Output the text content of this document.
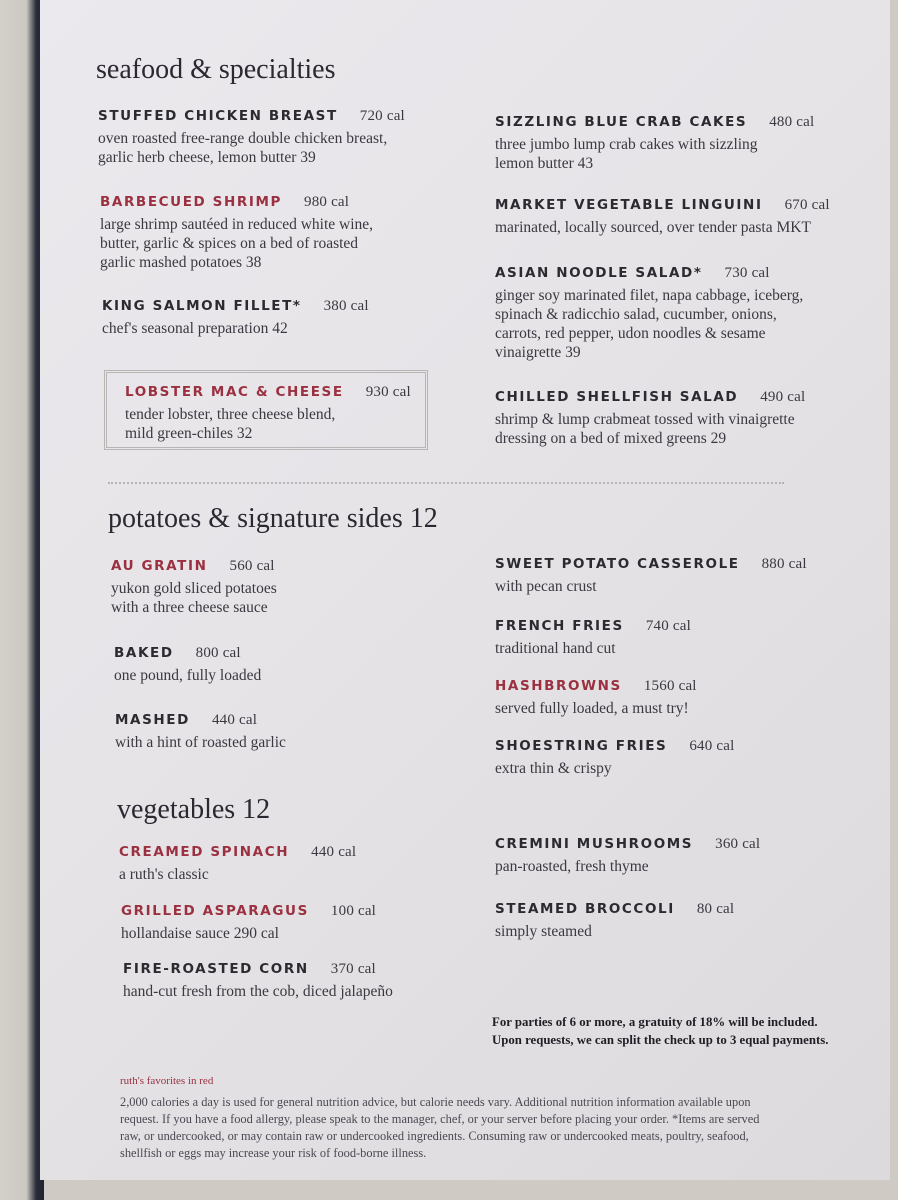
seafood & specialties
STUFFED CHICKEN BREAST 720 cal
oven roasted free-range double chicken breast,
garlic herb cheese, lemon butter 39
BARBECUED SHRIMP 980 cal
large shrimp sautéed in reduced white wine,
butter, garlic & spices on a bed of roasted
garlic mashed potatoes 38
KING SALMON FILLET* 380 cal
chef's seasonal preparation 42
LOBSTER MAC & CHEESE 930 cal
tender lobster, three cheese blend,
mild green-chiles 32
SIZZLING BLUE CRAB CAKES 480 cal
three jumbo lump crab cakes with sizzling
lemon butter 43
MARKET VEGETABLE LINGUINI 670 cal
marinated, locally sourced, over tender pasta MKT
ASIAN NOODLE SALAD* 730 cal
ginger soy marinated filet, napa cabbage, iceberg,
spinach & radicchio salad, cucumber, onions,
carrots, red pepper, udon noodles & sesame
vinaigrette 39
CHILLED SHELLFISH SALAD 490 cal
shrimp & lump crabmeat tossed with vinaigrette
dressing on a bed of mixed greens 29
potatoes & signature sides 12
AU GRATIN 560 cal
yukon gold sliced potatoes
with a three cheese sauce
BAKED 800 cal
one pound, fully loaded
MASHED 440 cal
with a hint of roasted garlic
SWEET POTATO CASSEROLE 880 cal
with pecan crust
FRENCH FRIES 740 cal
traditional hand cut
HASHBROWNS 1560 cal
served fully loaded, a must try!
SHOESTRING FRIES 640 cal
extra thin & crispy
vegetables 12
CREAMED SPINACH 440 cal
a ruth's classic
GRILLED ASPARAGUS 100 cal
hollandaise sauce 290 cal
FIRE-ROASTED CORN 370 cal
hand-cut fresh from the cob, diced jalapeño
CREMINI MUSHROOMS 360 cal
pan-roasted, fresh thyme
STEAMED BROCCOLI 80 cal
simply steamed
For parties of 6 or more, a gratuity of 18% will be included.
Upon requests, we can split the check up to 3 equal payments.
ruth's favorites in red
2,000 calories a day is used for general nutrition advice, but calorie needs vary. Additional nutrition information available upon request. If you have a food allergy, please speak to the manager, chef, or your server before placing your order. *Items are served raw, or undercooked, or may contain raw or undercooked ingredients. Consuming raw or undercooked meats, poultry, seafood, shellfish or eggs may increase your risk of food-borne illness.
